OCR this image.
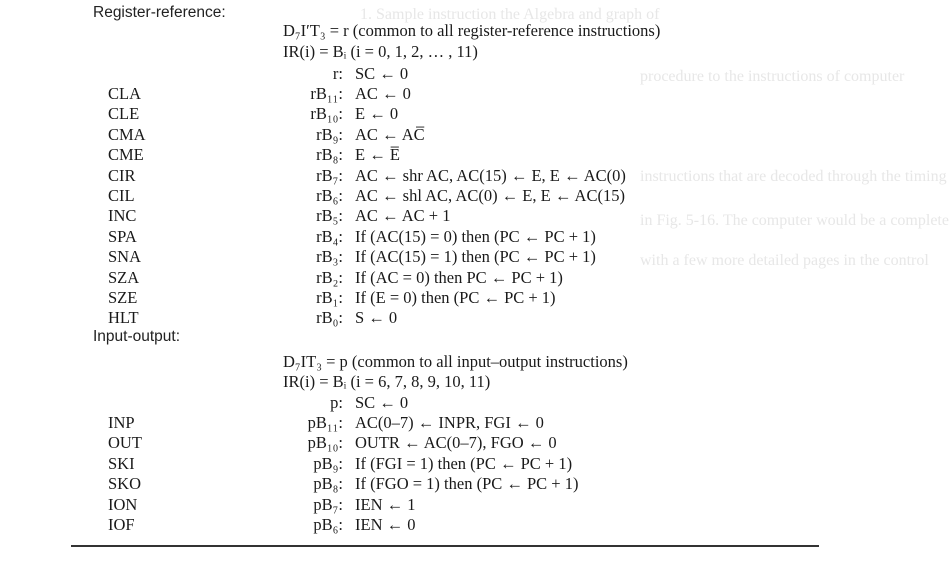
1. Sample instruction the Algebra and graph of
procedure to the instructions of computer
instructions that are decoded through the timing
in Fig. 5-16. The computer would be a complete
with a few more detailed pages in the control
Register-reference:
D₇I′T₃ = r (common to all register-reference instructions)
IR(i) = Bᵢ (i = 0, 1, 2, … , 11)
r: SC ← 0
CLA	rB₁₁: AC ← 0
CLE	rB₁₀: E ← 0
CMA	rB₉: AC ← AC̅
CME	rB₈: E ← E̅
CIR	rB₇: AC ← shr AC, AC(15) ← E, E ← AC(0)
CIL	rB₆: AC ← shl AC, AC(0) ← E, E ← AC(15)
INC	rB₅: AC ← AC + 1
SPA	rB₄: If (AC(15) = 0) then (PC ← PC + 1)
SNA	rB₃: If (AC(15) = 1) then (PC ← PC + 1)
SZA	rB₂: If (AC = 0) then PC ← PC + 1)
SZE	rB₁: If (E = 0) then (PC ← PC + 1)
HLT	rB₀: S ← 0
Input-output:
D₇IT₃ = p (common to all input–output instructions)
IR(i) = Bᵢ (i = 6, 7, 8, 9, 10, 11)
p: SC ← 0
INP	pB₁₁: AC(0–7) ← INPR, FGI ← 0
OUT	pB₁₀: OUTR ← AC(0–7), FGO ← 0
SKI	pB₉: If (FGI = 1) then (PC ← PC + 1)
SKO	pB₈: If (FGO = 1) then (PC ← PC + 1)
ION	pB₇: IEN ← 1
IOF	pB₆: IEN ← 0
